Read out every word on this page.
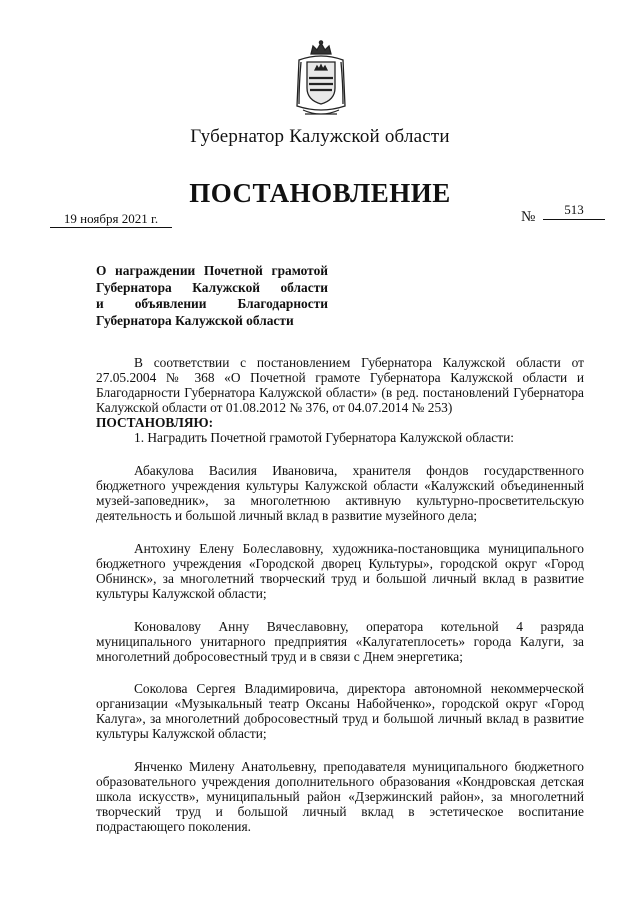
Губернатор Калужской области
ПОСТАНОВЛЕНИЕ
19 ноября 2021 г.	№	513
О награждении Почетной грамотой
Губернатора Калужской области
и объявлении Благодарности
Губернатора Калужской области

В соответствии с постановлением Губернатора Калужской области от 27.05.2004 № 368 «О Почетной грамоте Губернатора Калужской области и Благодарности Губернатора Калужской области» (в ред. постановлений Губернатора Калужской области от 01.08.2012 № 376, от 04.07.2014 № 253)

ПОСТАНОВЛЯЮ:

1. Наградить Почетной грамотой Губернатора Калужской области:

Абакулова Василия Ивановича, хранителя фондов государственного бюджетного учреждения культуры Калужской области «Калужский объединенный музей-заповедник», за многолетнюю активную культурно-просветительскую деятельность и большой личный вклад в развитие музейного дела;

Антохину Елену Болеславовну, художника-постановщика муниципального бюджетного учреждения «Городской дворец Культуры», городской округ «Город Обнинск», за многолетний творческий труд и большой личный вклад в развитие культуры Калужской области;

Коновалову Анну Вячеславовну, оператора котельной 4 разряда муниципального унитарного предприятия «Калугатеплосеть» города Калуги, за многолетний добросовестный труд и в связи с Днем энергетика;

Соколова Сергея Владимировича, директора автономной некоммерческой организации «Музыкальный театр Оксаны Набойченко», городской округ «Город Калуга», за многолетний добросовестный труд и большой личный вклад в развитие культуры Калужской области;

Янченко Милену Анатольевну, преподавателя муниципального бюджетного образовательного учреждения дополнительного образования «Кондровская детская школа искусств», муниципальный район «Дзержинский район», за многолетний творческий труд и большой личный вклад в эстетическое воспитание подрастающего поколения.
